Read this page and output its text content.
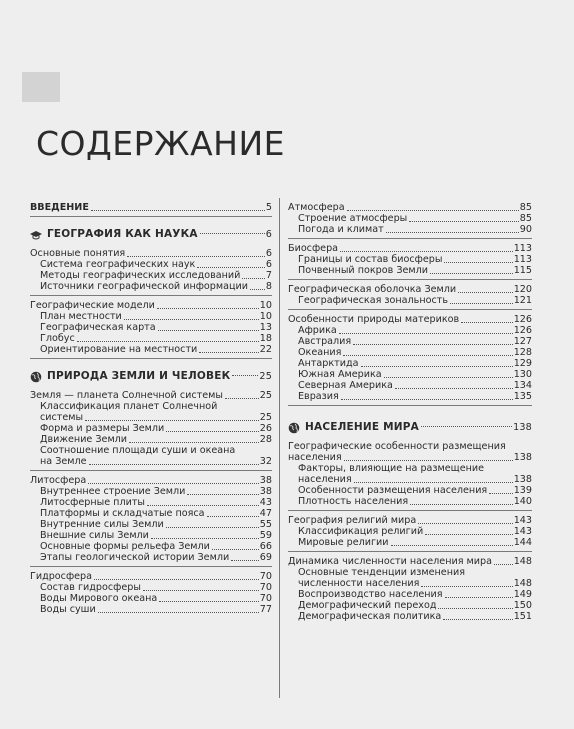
СОДЕРЖАНИЕ
ВВЕДЕНИЕ	5
ГЕОГРАФИЯ КАК НАУКА	6
Основные понятия	6
Система географических наук	6
Методы географических исследований	7
Источники географической информации 8
Географические модели	10
План местности	10
Географическая карта	13
Глобус	18
Ориентирование на местности	22
ПРИРОДА ЗЕМЛИ И ЧЕЛОВЕК	25
Земля — планета Солнечной системы	25
Классификация планет Солнечной
системы	25
Форма и размеры Земли	26
Движение Земли	28
Соотношение площади суши и океана
на Земле	32
Литосфера	38
Внутреннее строение Земли	38
Литосферные плиты	43
Платформы и складчатые пояса	47
Внутренние силы Земли	55
Внешние силы Земли	59
Основные формы рельефа Земли	66
Этапы геологической истории Земли	69
Гидросфера	70
Состав гидросферы	70
Воды Мирового океана	70
Воды суши	77
Атмосфера	85
Строение атмосферы	85
Погода и климат	90
Биосфера	113
Границы и состав биосферы	113
Почвенный покров Земли	115
Географическая оболочка Земли	120
Географическая зональность	121
Особенности природы материков	126
Африка	126
Австралия	127
Океания	128
Антарктида	129
Южная Америка	130
Северная Америка	134
Евразия	135
НАСЕЛЕНИЕ МИРА	138
Географические особенности размещения
населения	138
Факторы, влияющие на размещение
населения	138
Особенности размещения населения	139
Плотность населения	140
География религий мира	143
Классификация религий	143
Мировые религии	144
Динамика численности населения мира 148
Основные тенденции изменения
численности населения	148
Воспроизводство населения	149
Демографический переход	150
Демографическая политика	151
